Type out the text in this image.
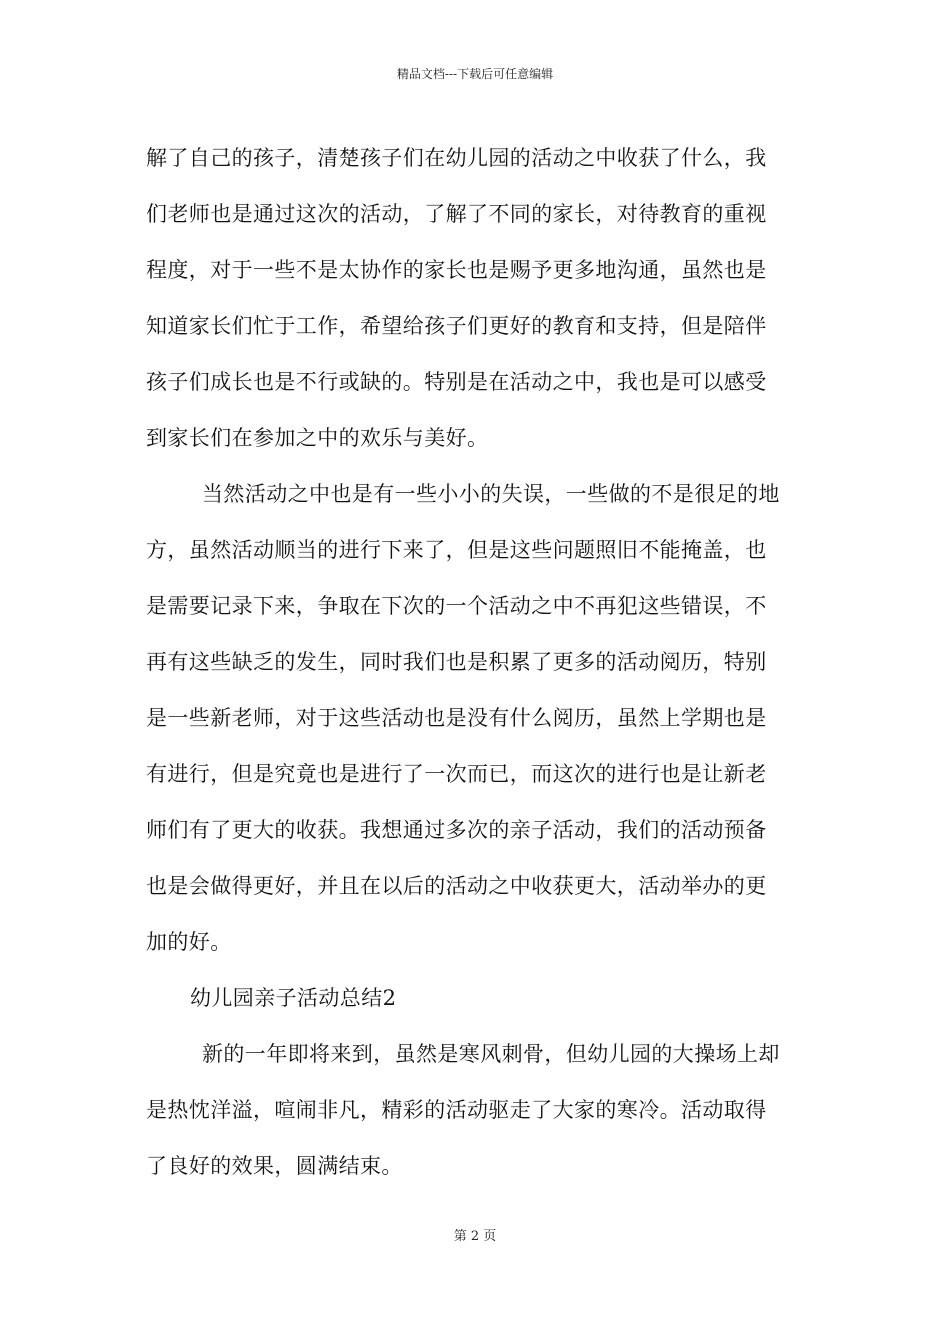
精品文档---下载后可任意编辑
解了自己的孩子，清楚孩子们在幼儿园的活动之中收获了什么，我
们老师也是通过这次的活动，了解了不同的家长，对待教育的重视
程度，对于一些不是太协作的家长也是赐予更多地沟通，虽然也是
知道家长们忙于工作，希望给孩子们更好的教育和支持，但是陪伴
孩子们成长也是不行或缺的。特别是在活动之中，我也是可以感受
到家长们在参加之中的欢乐与美好。
当然活动之中也是有一些小小的失误，一些做的不是很足的地
方，虽然活动顺当的进行下来了，但是这些问题照旧不能掩盖，也
是需要记录下来，争取在下次的一个活动之中不再犯这些错误，不
再有这些缺乏的发生，同时我们也是积累了更多的活动阅历，特别
是一些新老师，对于这些活动也是没有什么阅历，虽然上学期也是
有进行，但是究竟也是进行了一次而已，而这次的进行也是让新老
师们有了更大的收获。我想通过多次的亲子活动，我们的活动预备
也是会做得更好，并且在以后的活动之中收获更大，活动举办的更
加的好。
幼儿园亲子活动总结2
新的一年即将来到，虽然是寒风刺骨，但幼儿园的大操场上却
是热忱洋溢，喧闹非凡，精彩的活动驱走了大家的寒冷。活动取得
了良好的效果，圆满结束。
第 2 页
